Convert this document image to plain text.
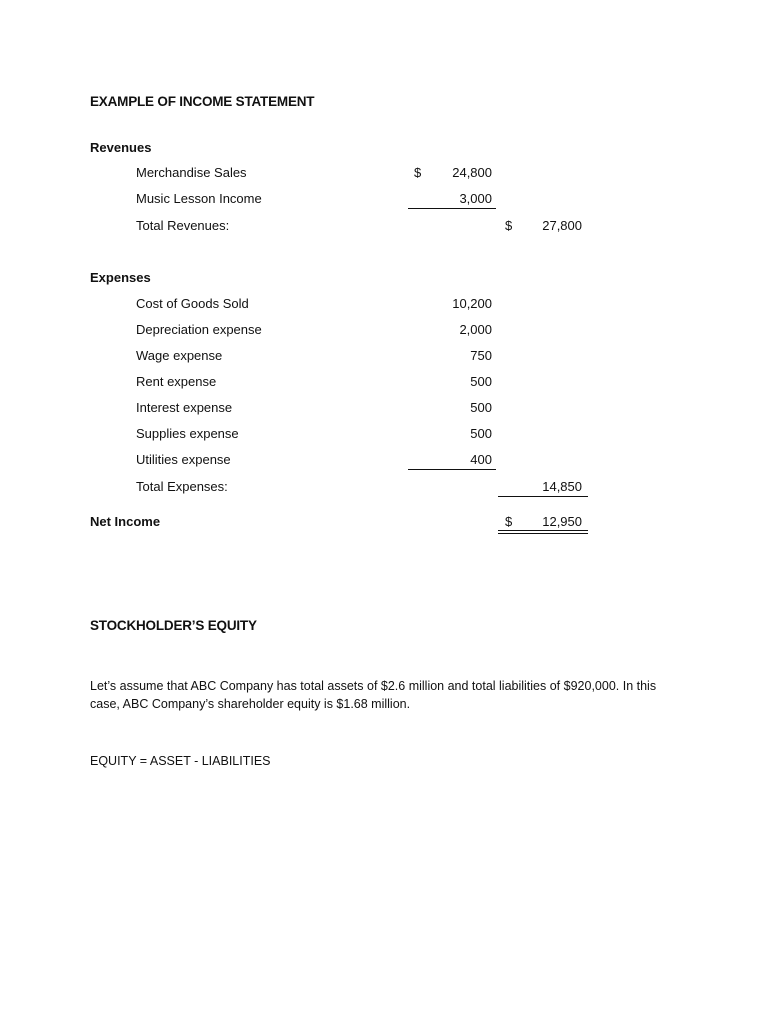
EXAMPLE OF INCOME STATEMENT
Revenues
Merchandise Sales	$	24,800
Music Lesson Income	3,000
Total Revenues:	$	27,800
Expenses
Cost of Goods Sold	10,200
Depreciation expense	2,000
Wage expense	750
Rent expense	500
Interest expense	500
Supplies expense	500
Utilities expense	400
Total Expenses:	14,850
Net Income	$	12,950
STOCKHOLDER’S EQUITY
Let’s assume that ABC Company has total assets of $2.6 million and total liabilities of $920,000. In this
case, ABC Company’s shareholder equity is $1.68 million.
EQUITY = ASSET - LIABILITIES
